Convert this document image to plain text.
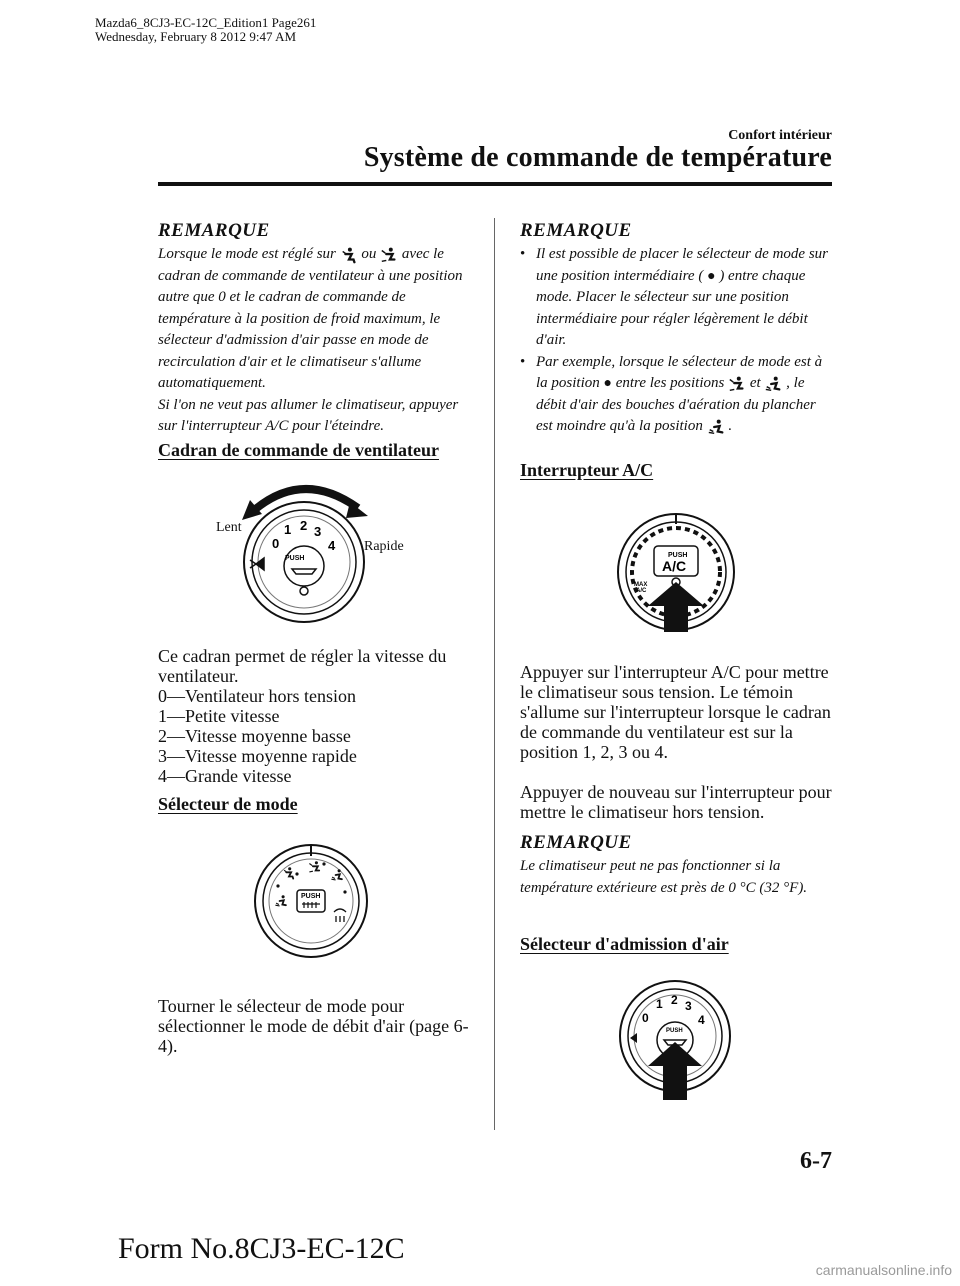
Mazda6_8CJ3-EC-12C_Edition1 Page261
Wednesday, February 8 2012 9:47 AM
Confort intérieur
Système de commande de température
REMARQUE
Lorsque le mode est réglé sur ou avec le cadran de commande de ventilateur à une position autre que 0 et le cadran de commande de température à la position de froid maximum, le sélecteur d'admission d'air passe en mode de recirculation d'air et le climatiseur s'allume automatiquement.
Si l'on ne veut pas allumer le climatiseur, appuyer sur l'interrupteur A/C pour l'éteindre.
Cadran de commande de ventilateur
Lent
Rapide
PUSH
0
1 2 3
4
Ce cadran permet de régler la vitesse du ventilateur.
0―Ventilateur hors tension
1―Petite vitesse
2―Vitesse moyenne basse
3―Vitesse moyenne rapide
4―Grande vitesse
Sélecteur de mode
PUSH
Tourner le sélecteur de mode pour sélectionner le mode de débit d'air (page 6-4).
REMARQUE
• Il est possible de placer le sélecteur de mode sur une position intermédiaire ( ● ) entre chaque mode. Placer le sélecteur sur une position intermédiaire pour régler légèrement le débit d'air.
• Par exemple, lorsque le sélecteur de mode est à la position ● entre les positions et , le débit d'air des bouches d'aération du plancher est moindre qu'à la position .
Interrupteur A/C
PUSH
A/C
MAX
A/C
Appuyer sur l'interrupteur A/C pour mettre le climatiseur sous tension. Le témoin s'allume sur l'interrupteur lorsque le cadran de commande du ventilateur est sur la position 1, 2, 3 ou 4.
Appuyer de nouveau sur l'interrupteur pour mettre le climatiseur hors tension.
REMARQUE
Le climatiseur peut ne pas fonctionner si la température extérieure est près de 0 °C (32 °F).
Sélecteur d'admission d'air
PUSH
0
1 2 3
4
6-7
Form No.8CJ3-EC-12C
carmanualsonline.info
